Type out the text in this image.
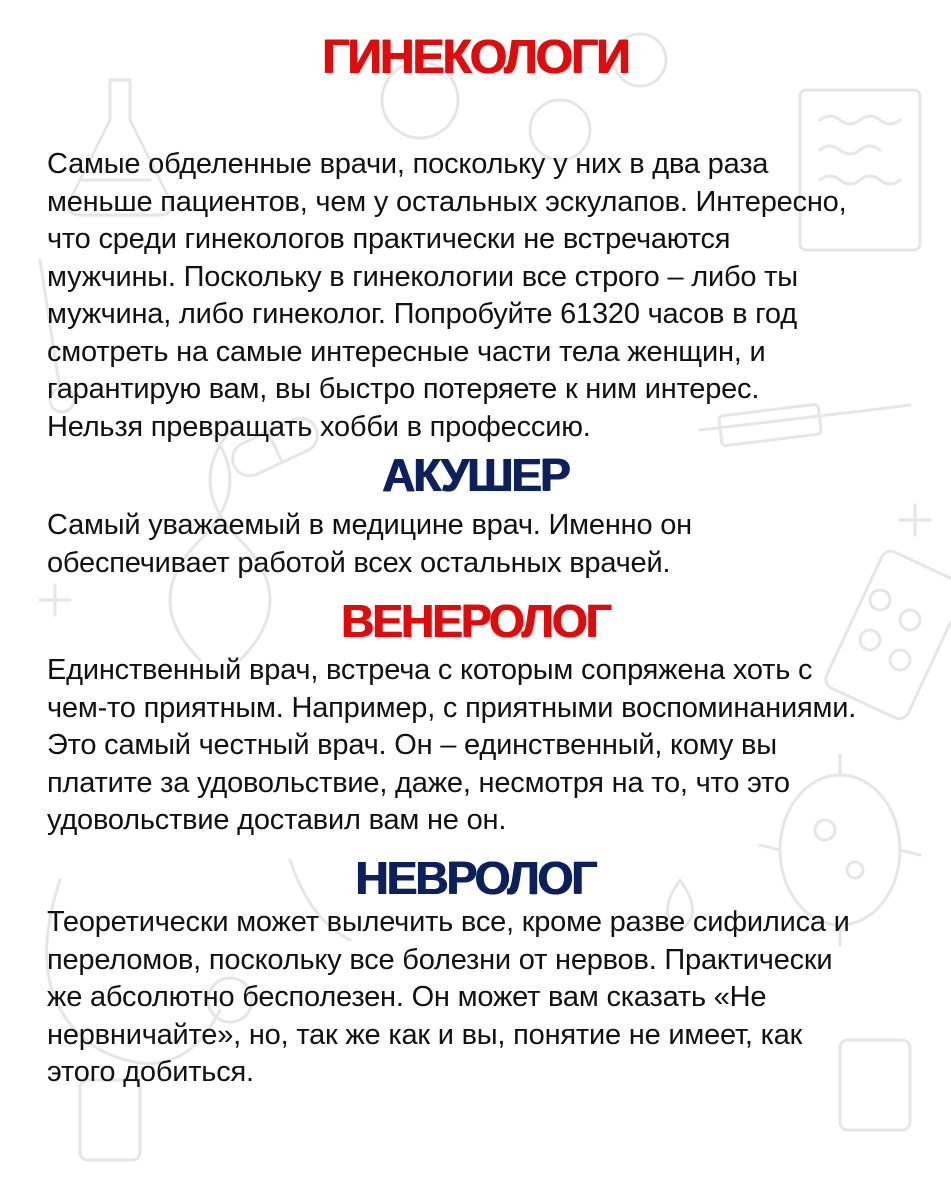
ГИНЕКОЛОГИ

Самые обделенные врачи, поскольку у них в два раза
меньше пациентов, чем у остальных эскулапов. Интересно,
что среди гинекологов практически не встречаются
мужчины. Поскольку в гинекологии все строго – либо ты
мужчина, либо гинеколог. Попробуйте 61320 часов в год
смотреть на самые интересные части тела женщин, и
гарантирую вам, вы быстро потеряете к ним интерес.
Нельзя превращать хобби в профессию.

АКУШЕР

Самый уважаемый в медицине врач. Именно он
обеспечивает работой всех остальных врачей.

ВЕНЕРОЛОГ

Единственный врач, встреча с которым сопряжена хоть с
чем-то приятным. Например, с приятными воспоминаниями.
Это самый честный врач. Он – единственный, кому вы
платите за удовольствие, даже, несмотря на то, что это
удовольствие доставил вам не он.

НЕВРОЛОГ

Теоретически может вылечить все, кроме разве сифилиса и
переломов, поскольку все болезни от нервов. Практически
же абсолютно бесполезен. Он может вам сказать «Не
нервничайте», но, так же как и вы, понятие не имеет, как
этого добиться.
